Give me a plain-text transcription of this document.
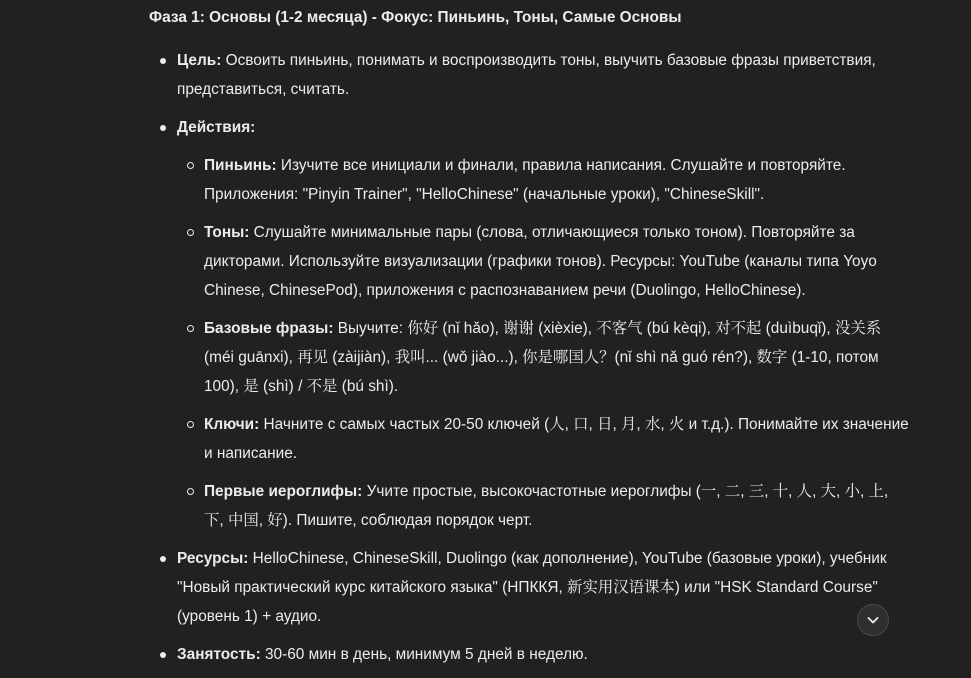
Фаза 1: Основы (1-2 месяца) - Фокус: Пиньинь, Тоны, Самые Основы
Цель: Освоить пиньинь, понимать и воспроизводить тоны, выучить базовые фразы приветствия, представиться, считать.
Действия:
Пиньинь: Изучите все инициали и финали, правила написания. Слушайте и повторяйте. Приложения: "Pinyin Trainer", "HelloChinese" (начальные уроки), "ChineseSkill".
Тоны: Слушайте минимальные пары (слова, отличающиеся только тоном). Повторяйте за дикторами. Используйте визуализации (графики тонов). Ресурсы: YouTube (каналы типа Yoyo Chinese, ChinesePod), приложения с распознаванием речи (Duolingo, HelloChinese).
Базовые фразы: Выучите: 你好 (nǐ hǎo), 谢谢 (xièxie), 不客气 (bú kèqi), 对不起 (duìbuqǐ), 没关系 (méi guānxi), 再见 (zàijiàn), 我叫... (wǒ jiào...), 你是哪国人？(nǐ shì nǎ guó rén?), 数字 (1-10, потом 100), 是 (shì) / 不是 (bú shì).
Ключи: Начните с самых частых 20-50 ключей (人, 口, 日, 月, 水, 火 и т.д.). Понимайте их значение и написание.
Первые иероглифы: Учите простые, высокочастотные иероглифы (一, 二, 三, 十, 人, 大, 小, 上, 下, 中国, 好). Пишите, соблюдая порядок черт.
Ресурсы: HelloChinese, ChineseSkill, Duolingo (как дополнение), YouTube (базовые уроки), учебник "Новый практический курс китайского языка" (НПККЯ, 新实用汉语课本) или "HSK Standard Course" (уровень 1) + аудио.
Занятость: 30-60 мин в день, минимум 5 дней в неделю.
